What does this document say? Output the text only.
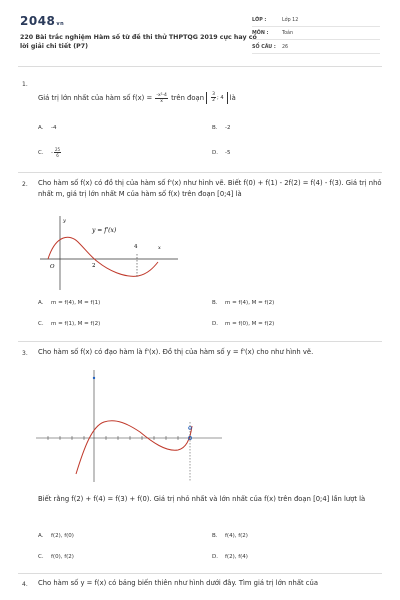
2048vn
220 Bài trắc nghiệm Hàm số từ đề thi thử THPTQG 2019 cực hay có lời giải chi tiết (P7)
LỚP :	Lớp 12
MÔN :	Toán
SỐ CÂU : 26
1.
Giá trị lớn nhất của hàm số $f(x) = \frac{\text{-x²-4}}{x}$ trên đoạn $\frac{3}{2}$ ; 4 là
A. -4	B. -2
C. - $\frac{25}{6}$	D. -5
2. Cho hàm số f(x) có đồ thị của hàm số f'(x) như hình vẽ. Biết f(0) + f(1) - 2f(2) = f(4) - f(3). Giá trị nhỏ nhất m, giá trị lớn nhất M của hàm số f(x) trên đoạn [0;4] là
y
x
y = f'(x)
O	2
4
A. m = f(4), M = f(1)	B. m = f(4), M = f(2)
C. m = f(1), M = f(2)	D. m = f(0), M = f(2)
3. Cho hàm số f(x) có đạo hàm là f'(x). Đồ thị của hàm số y = f'(x) cho như hình vẽ.
Biết rằng f(2) + f(4) = f(3) + f(0). Giá trị nhỏ nhất và lớn nhất của f(x) trên đoạn [0;4] lần lượt là
A. f(2), f(0)	B. f(4), f(2)
C. f(0), f(2)	D. f(2), f(4)
4. Cho hàm số y = f(x) có bảng biến thiên như hình dưới đây. Tìm giá trị lớn nhất của
